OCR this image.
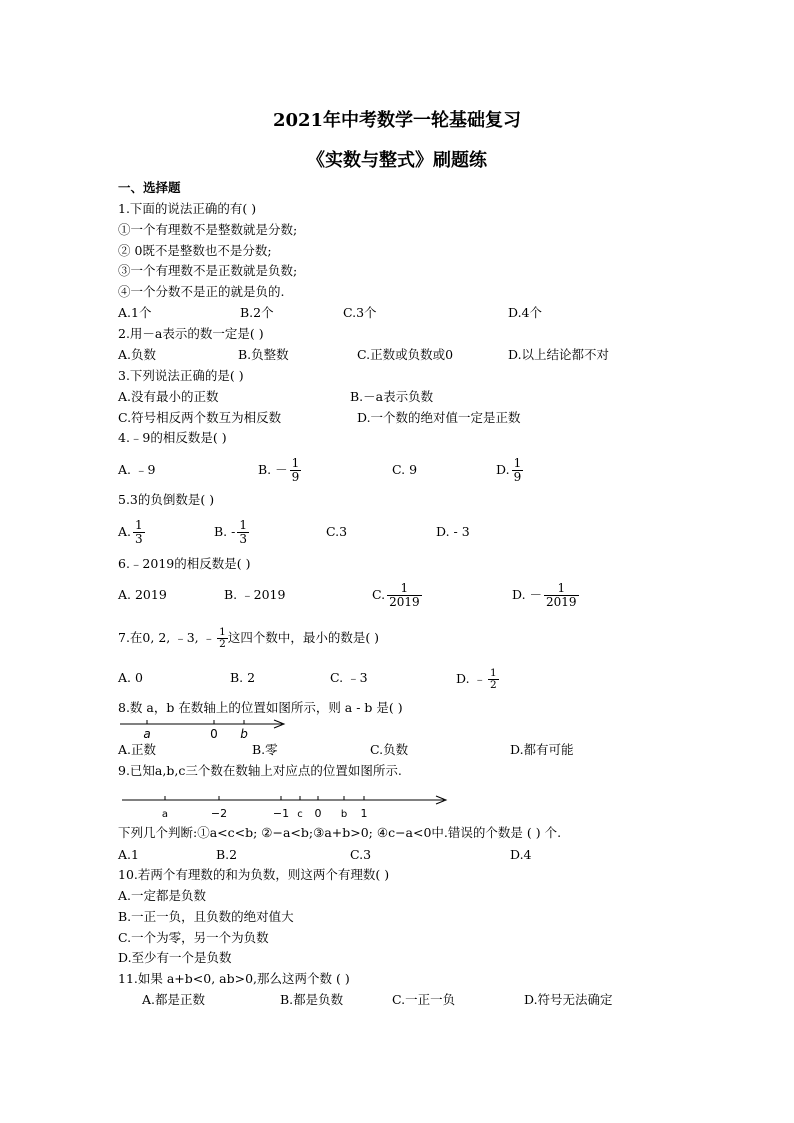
2021年中考数学一轮基础复习
《实数与整式》刷题练
一、选择题
1.下面的说法正确的有( )
①一个有理数不是整数就是分数;
② 0既不是整数也不是分数;
③一个有理数不是正数就是负数;
④一个分数不是正的就是负的.
A.1个	B.2个	C.3个	D.4个
2.用－a表示的数一定是( )
A.负数	B.负整数	C.正数或负数或0	D.以上结论都不对
3.下列说法正确的是( )
A.没有最小的正数	B.－a表示负数
C.符号相反两个数互为相反数	D.一个数的绝对值一定是正数
4.﹣9的相反数是( )
A. ﹣9	B. － $\frac{1}{9}$	C. 9	D. $\frac{1}{9}$
5.3的负倒数是( )
A. $\frac{1}{3}$	B. - $\frac{1}{3}$	C.3	D. - 3
6.﹣2019的相反数是( )
A. 2019	B. ﹣2019	C. $\frac{1}{2019}$	D. － $\frac{1}{2019}$
7.在0, 2, ﹣3, ﹣ $\frac{1}{2}$ 这四个数中，最小的数是( )
A. 0	B. 2	C. ﹣3	D. ﹣ $\frac{1}{2}$
8.数 a，b 在数轴上的位置如图所示，则 a - b 是( )
a	0 b
A.正数	B.零	C.负数	D.都有可能
9.已知a,b,c三个数在数轴上对应点的位置如图所示.
a	−2	−1 c 0 b 1
下列几个判断:①a<c<b; ②−a<b;③a+b>0; ④c−a<0中.错误的个数是 ( ) 个.
A.1	B.2	C.3	D.4
10.若两个有理数的和为负数，则这两个有理数( )
A.一定都是负数
B.一正一负，且负数的绝对值大
C.一个为零，另一个为负数
D.至少有一个是负数
11.如果 a+b<0, ab>0,那么这两个数 ( )
A.都是正数	B.都是负数	C.一正一负	D.符号无法确定
